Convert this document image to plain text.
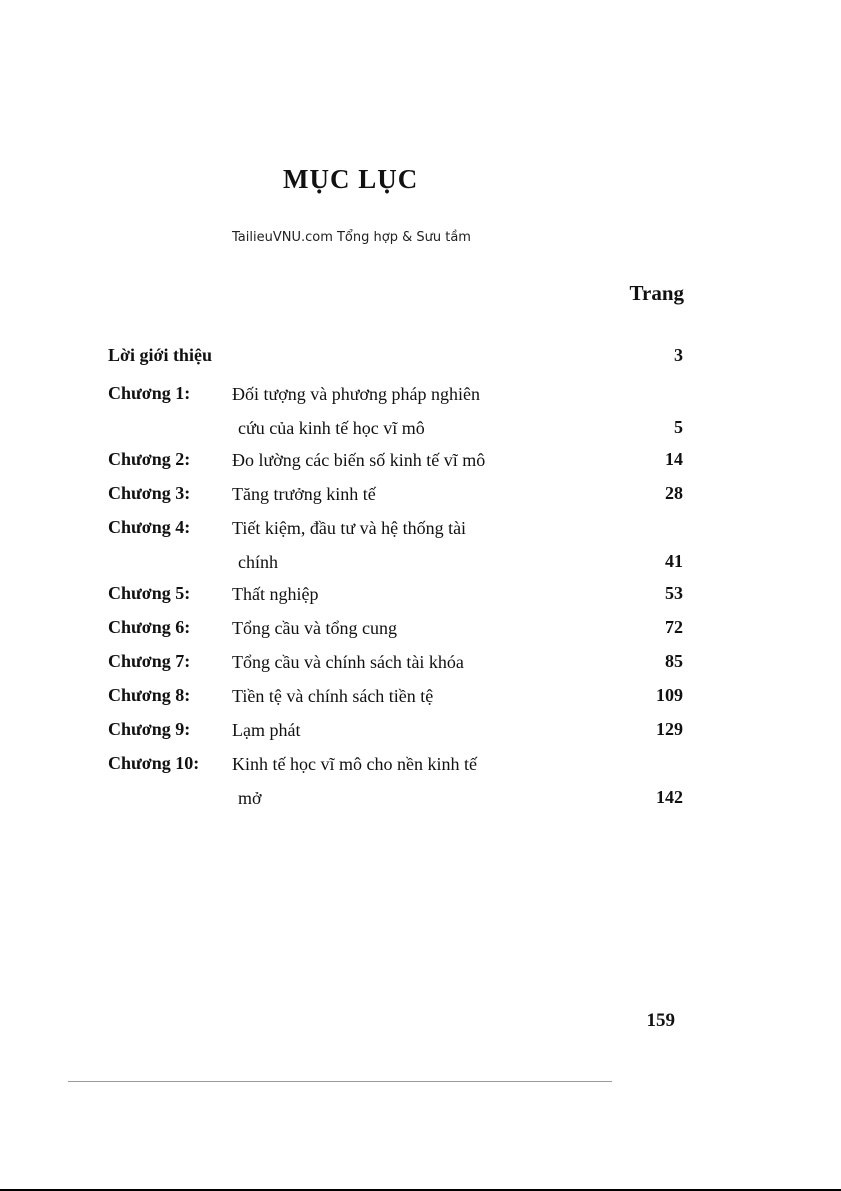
MỤC LỤC
TailieuVNU.com Tổng hợp & Sưu tầm
Trang
Lời giới thiệu	3
Chương 1: Đối tượng và phương pháp nghiên
cứu của kinh tế học vĩ mô	5
Chương 2: Đo lường các biến số kinh tế vĩ mô	14
Chương 3: Tăng trưởng kinh tế	28
Chương 4: Tiết kiệm, đầu tư và hệ thống tài
chính	41
Chương 5: Thất nghiệp	53
Chương 6: Tổng cầu và tổng cung	72
Chương 7: Tổng cầu và chính sách tài khóa	85
Chương 8: Tiền tệ và chính sách tiền tệ	109
Chương 9: Lạm phát	129
Chương 10: Kinh tế học vĩ mô cho nền kinh tế
mở	142
159
